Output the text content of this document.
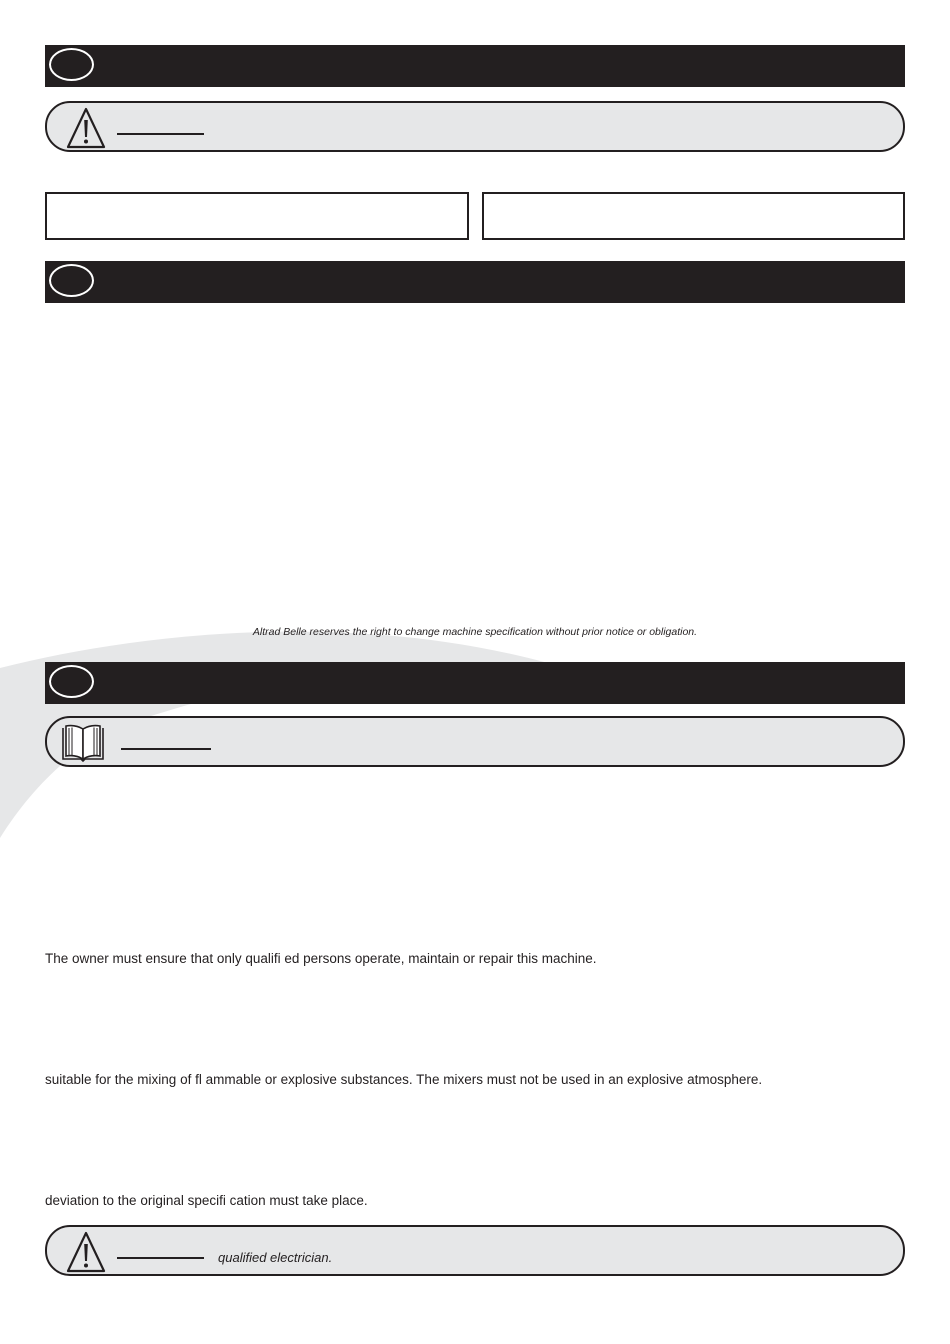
Altrad Belle reserves the right to change machine specification without prior notice or obligation.
The owner must ensure that only qualifi ed persons operate, maintain or repair this machine.
suitable for the mixing of fl ammable or explosive substances. The mixers must not be used in an explosive atmosphere.
deviation to the original specifi cation must take place.
qualified electrician.
